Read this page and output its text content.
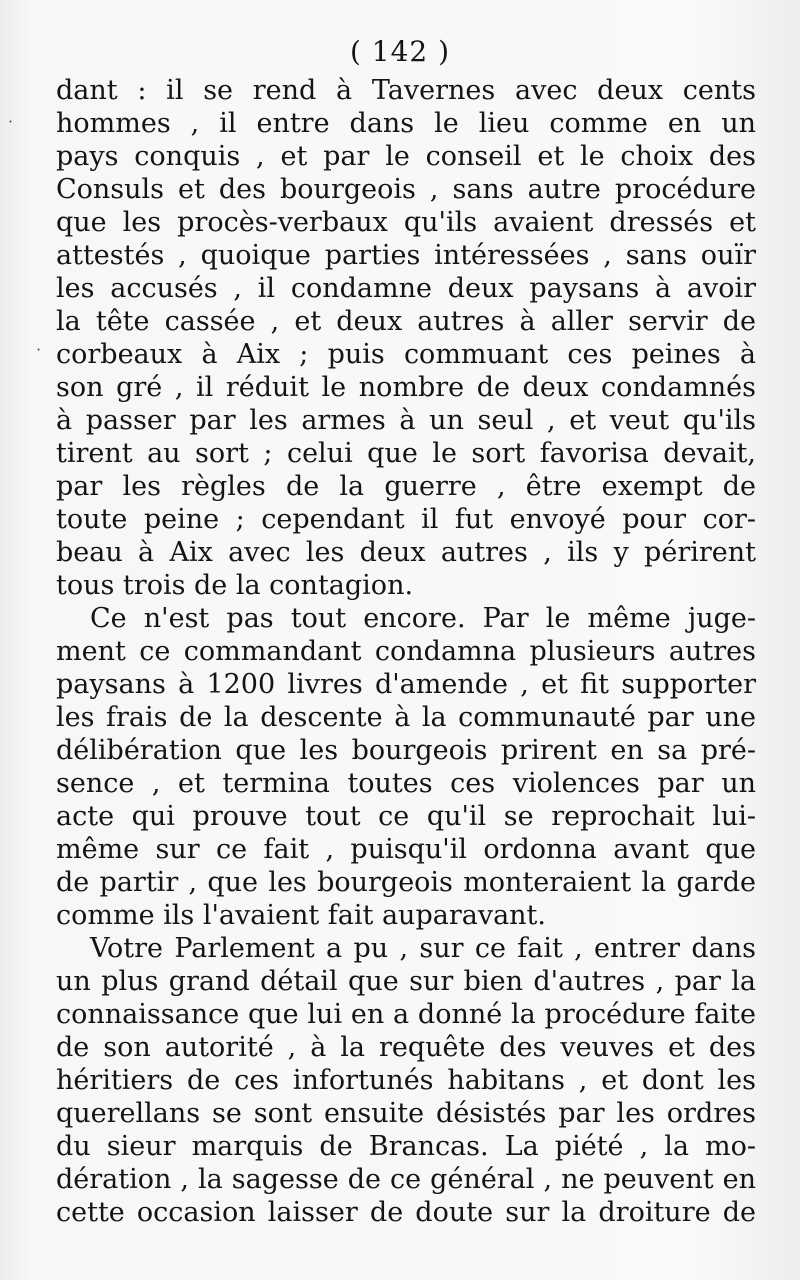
( 142 )
dant : il se rend à Tavernes avec deux cents
hommes , il entre dans le lieu comme en un
pays conquis , et par le conseil et le choix des
Consuls et des bourgeois , sans autre procédure
que les procès-verbaux qu'ils avaient dressés et
attestés , quoique parties intéressées , sans ouïr
les accusés , il condamne deux paysans à avoir
la tête cassée , et deux autres à aller servir de
corbeaux à Aix ; puis commuant ces peines à
son gré , il réduit le nombre de deux condamnés
à passer par les armes à un seul , et veut qu'ils
tirent au sort ; celui que le sort favorisa devait,
par les règles de la guerre , être exempt de
toute peine ; cependant il fut envoyé pour cor-
beau à Aix avec les deux autres , ils y périrent
tous trois de la contagion.
Ce n'est pas tout encore. Par le même juge-
ment ce commandant condamna plusieurs autres
paysans à 1200 livres d'amende , et fit supporter
les frais de la descente à la communauté par une
délibération que les bourgeois prirent en sa pré-
sence , et termina toutes ces violences par un
acte qui prouve tout ce qu'il se reprochait lui-
même sur ce fait , puisqu'il ordonna avant que
de partir , que les bourgeois monteraient la garde
comme ils l'avaient fait auparavant.
Votre Parlement a pu , sur ce fait , entrer dans
un plus grand détail que sur bien d'autres , par la
connaissance que lui en a donné la procédure faite
de son autorité , à la requête des veuves et des
héritiers de ces infortunés habitans , et dont les
querellans se sont ensuite désistés par les ordres
du sieur marquis de Brancas. La piété , la mo-
dération , la sagesse de ce général , ne peuvent en
cette occasion laisser de doute sur la droiture de
·
·
